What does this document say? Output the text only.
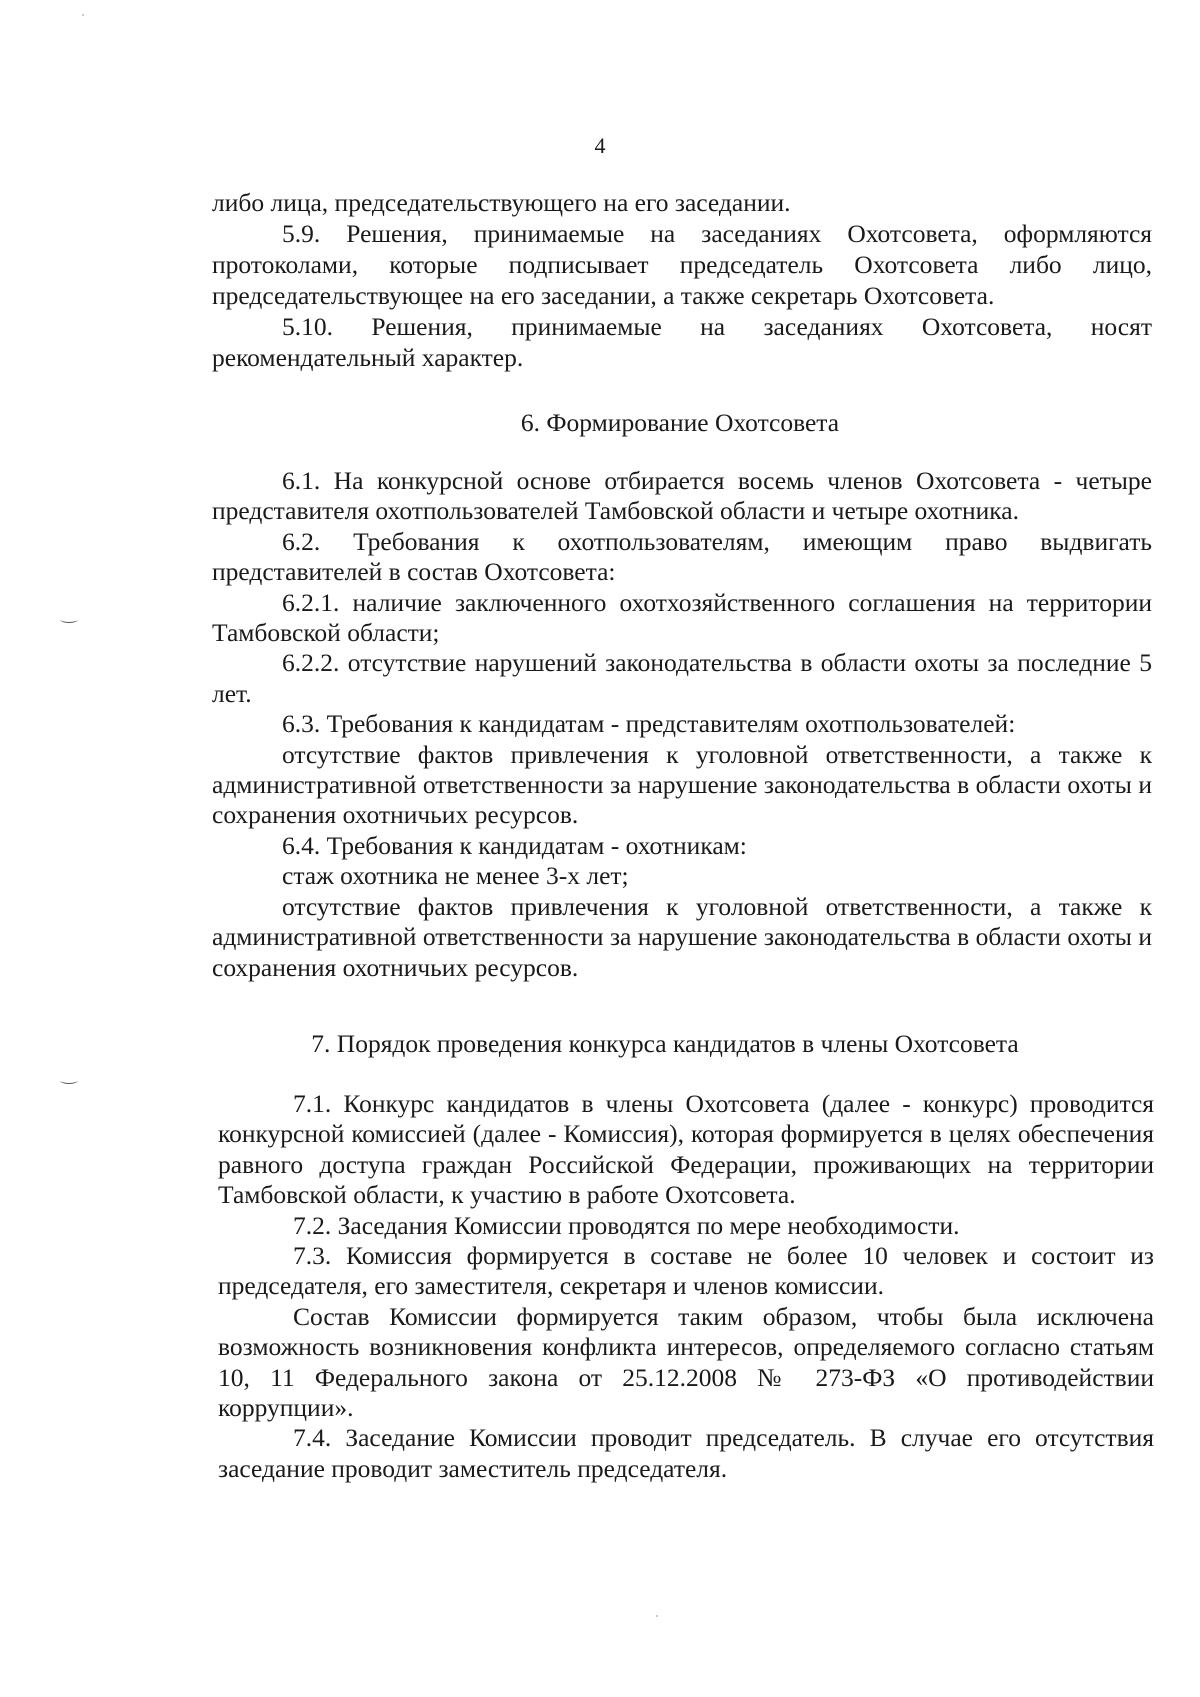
4

либо лица, председательствующего на его заседании.

5.9. Решения, принимаемые на заседаниях Охотсовета, оформляются протоколами, которые подписывает председатель Охотсовета либо лицо, председательствующее на его заседании, а также секретарь Охотсовета.

5.10. Решения, принимаемые на заседаниях Охотсовета, носят рекомендательный характер.

6. Формирование Охотсовета

6.1. На конкурсной основе отбирается восемь членов Охотсовета - четыре представителя охотпользователей Тамбовской области и четыре охотника.

6.2. Требования к охотпользователям, имеющим право выдвигать представителей в состав Охотсовета:

6.2.1. наличие заключенного охотхозяйственного соглашения на территории Тамбовской области;

6.2.2. отсутствие нарушений законодательства в области охоты за последние 5 лет.

6.3. Требования к кандидатам - представителям охотпользователей:

отсутствие фактов привлечения к уголовной ответственности, а также к административной ответственности за нарушение законодательства в области охоты и сохранения охотничьих ресурсов.

6.4. Требования к кандидатам - охотникам:

стаж охотника не менее 3-х лет;

отсутствие фактов привлечения к уголовной ответственности, а также к административной ответственности за нарушение законодательства в области охоты и сохранения охотничьих ресурсов.

7. Порядок проведения конкурса кандидатов в члены Охотсовета

7.1. Конкурс кандидатов в члены Охотсовета (далее - конкурс) проводится конкурсной комиссией (далее - Комиссия), которая формируется в целях обеспечения равного доступа граждан Российской Федерации, проживающих на территории Тамбовской области, к участию в работе Охотсовета.

7.2. Заседания Комиссии проводятся по мере необходимости.

7.3. Комиссия формируется в составе не более 10 человек и состоит из председателя, его заместителя, секретаря и членов комиссии.

Состав Комиссии формируется таким образом, чтобы была исключена возможность возникновения конфликта интересов, определяемого согласно статьям 10, 11 Федерального закона от 25.12.2008 № 273-ФЗ «О противодействии коррупции».

7.4. Заседание Комиссии проводит председатель. В случае его отсутствия заседание проводит заместитель председателя.
